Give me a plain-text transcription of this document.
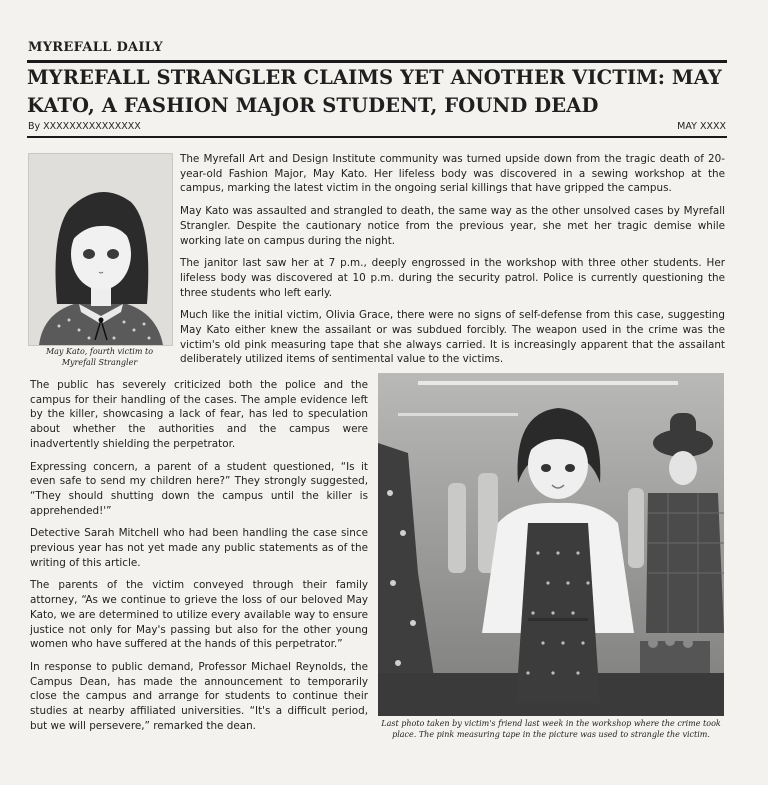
MYREFALL DAILY
MYREFALL STRANGLER CLAIMS YET ANOTHER VICTIM: MAY KATO, A FASHION MAJOR STUDENT, FOUND DEAD
By XXXXXXXXXXXXXXX	MAY XXXX

May Kato, fourth victim to Myrefall Strangler

The Myrefall Art and Design Institute community was turned upside down from the tragic death of 20-year-old Fashion Major, May Kato. Her lifeless body was discovered in a sewing workshop at the campus, marking the latest victim in the ongoing serial killings that have gripped the campus.

May Kato was assaulted and strangled to death, the same way as the other unsolved cases by Myrefall Strangler. Despite the cautionary notice from the previous year, she met her tragic demise while working late on campus during the night.

The janitor last saw her at 7 p.m., deeply engrossed in the workshop with three other students. Her lifeless body was discovered at 10 p.m. during the security patrol. Police is currently questioning the three students who left early.

Much like the initial victim, Olivia Grace, there were no signs of self-defense from this case, suggesting May Kato either knew the assailant or was subdued forcibly. The weapon used in the crime was the victim's old pink measuring tape that she always carried. It is increasingly apparent that the assailant deliberately utilized items of sentimental value to the victims.

The public has severely criticized both the police and the campus for their handling of the cases. The ample evidence left by the killer, showcasing a lack of fear, has led to speculation about whether the authorities and the campus were inadvertently shielding the perpetrator.

Expressing concern, a parent of a student questioned, “Is it even safe to send my children here?” They strongly suggested, “They should shutting down the campus until the killer is apprehended!'”

Detective Sarah Mitchell who had been handling the case since previous year has not yet made any public statements as of the writing of this article.

The parents of the victim conveyed through their family attorney, “As we continue to grieve the loss of our beloved May Kato, we are determined to utilize every available way to ensure justice not only for May's passing but also for the other young women who have suffered at the hands of this perpetrator.”

In response to public demand, Professor Michael Reynolds, the Campus Dean, has made the announcement to temporarily close the campus and arrange for students to continue their studies at nearby affiliated universities. “It's a difficult period, but we will persevere,” remarked the dean.	Last photo taken by victim's friend last week in the workshop where the crime took place. The pink measuring tape in the picture was used to strangle the victim.
